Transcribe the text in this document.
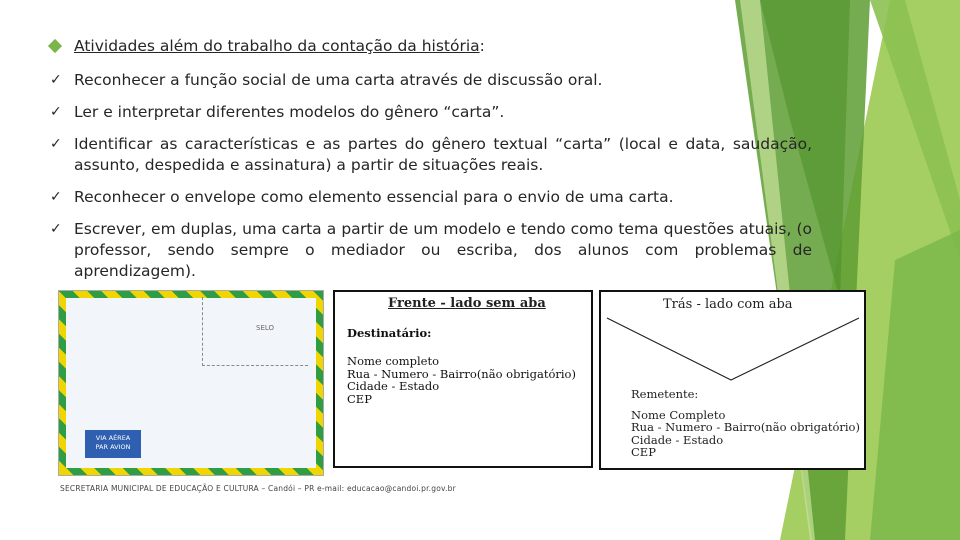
Atividades além do trabalho da contação da história:
✓ Reconhecer a função social de uma carta através de discussão oral.
✓ Ler e interpretar diferentes modelos do gênero “carta”.
✓ Identificar as características e as partes do gênero textual “carta” (local e data, saudação, assunto, despedida e assinatura) a partir de situações reais.
✓ Reconhecer o envelope como elemento essencial para o envio de uma carta.
✓ Escrever, em duplas, uma carta a partir de um modelo e tendo como tema questões atuais, (o professor, sendo sempre o mediador ou escriba, dos alunos com problemas de aprendizagem).
SELO
VIA AÉREA
PAR AVION
Frente - lado sem aba
Destinatário:
Nome completo
Rua - Numero - Bairro(não obrigatório)
Cidade - Estado
CEP
Trás - lado com aba
Remetente:
Nome Completo
Rua - Numero - Bairro(não obrigatório)
Cidade - Estado
CEP
SECRETARIA MUNICIPAL DE EDUCAÇÃO E CULTURA – Candói – PR e-mail: educacao@candoi.pr.gov.br
